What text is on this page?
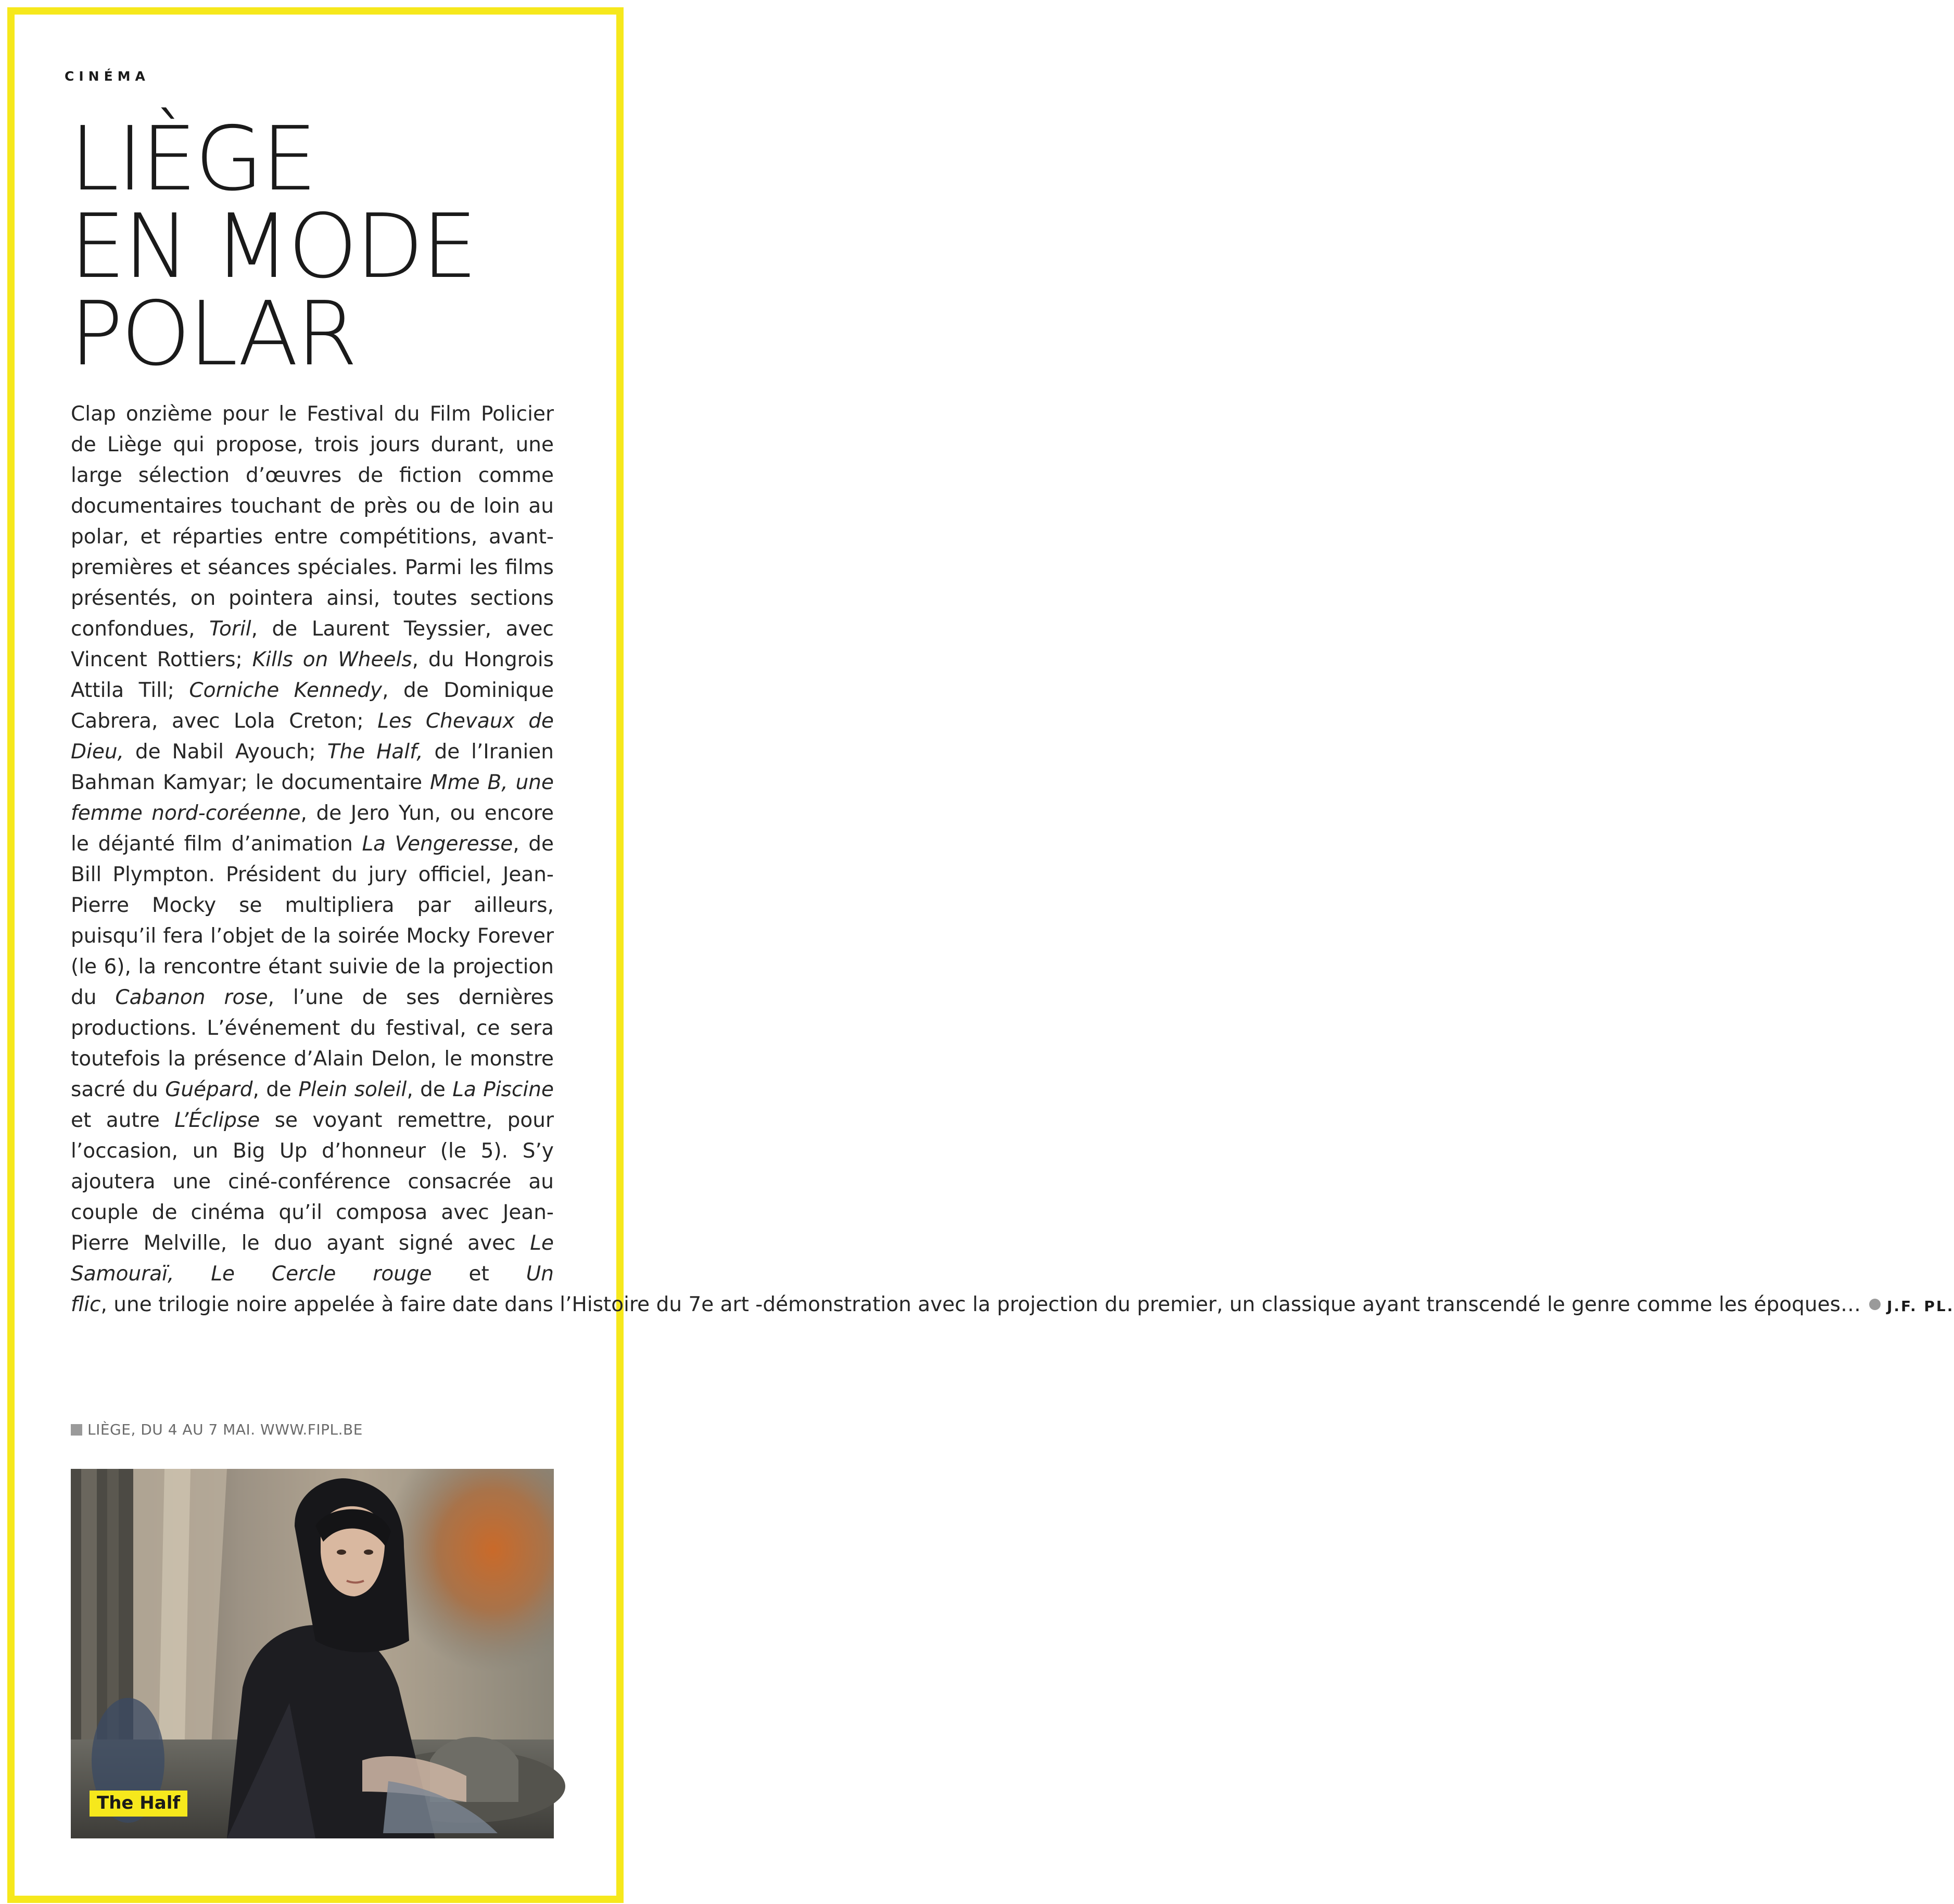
CINÉMA
LIÈGE
EN MODE
POLAR

Clap onzième pour le Festival du Film Policier de Liège qui propose, trois jours durant, une large sélection d’œuvres de fiction comme documentaires touchant de près ou de loin au polar, et réparties entre compétitions, avant-premières et séances spéciales. Parmi les films présentés, on pointera ainsi, toutes sections confondues, Toril, de Laurent Teyssier, avec Vincent Rottiers; Kills on Wheels, du Hongrois Attila Till; Corniche Kennedy, de Dominique Cabrera, avec Lola Creton; Les Chevaux de Dieu, de Nabil Ayouch; The Half, de l’Iranien Bahman Kamyar; le documentaire Mme B, une femme nord-coréenne, de Jero Yun, ou encore le déjanté film d’animation La Vengeresse, de Bill Plympton. Président du jury officiel, Jean-Pierre Mocky se multipliera par ailleurs, puisqu’il fera l’objet de la soirée Mocky Forever (le 6), la rencontre étant suivie de la projection du Cabanon rose, l’une de ses dernières productions. L’événement du festival, ce sera toutefois la présence d’Alain Delon, le monstre sacré du Guépard, de Plein soleil, de La Piscine et autre L’Éclipse se voyant remettre, pour l’occasion, un Big Up d’honneur (le 5). S’y ajoutera une ciné-conférence consacrée au couple de cinéma qu’il composa avec Jean-Pierre Melville, le duo ayant signé avec Le Samouraï, Le Cercle rouge et Un flic, une trilogie noire appelée à faire date dans l’Histoire du 7e art -démonstration avec la projection du premier, un classique ayant transcendé le genre comme les époques… J.F. PL.

LIÈGE, DU 4 AU 7 MAI. WWW.FIPL.BE
The Half
